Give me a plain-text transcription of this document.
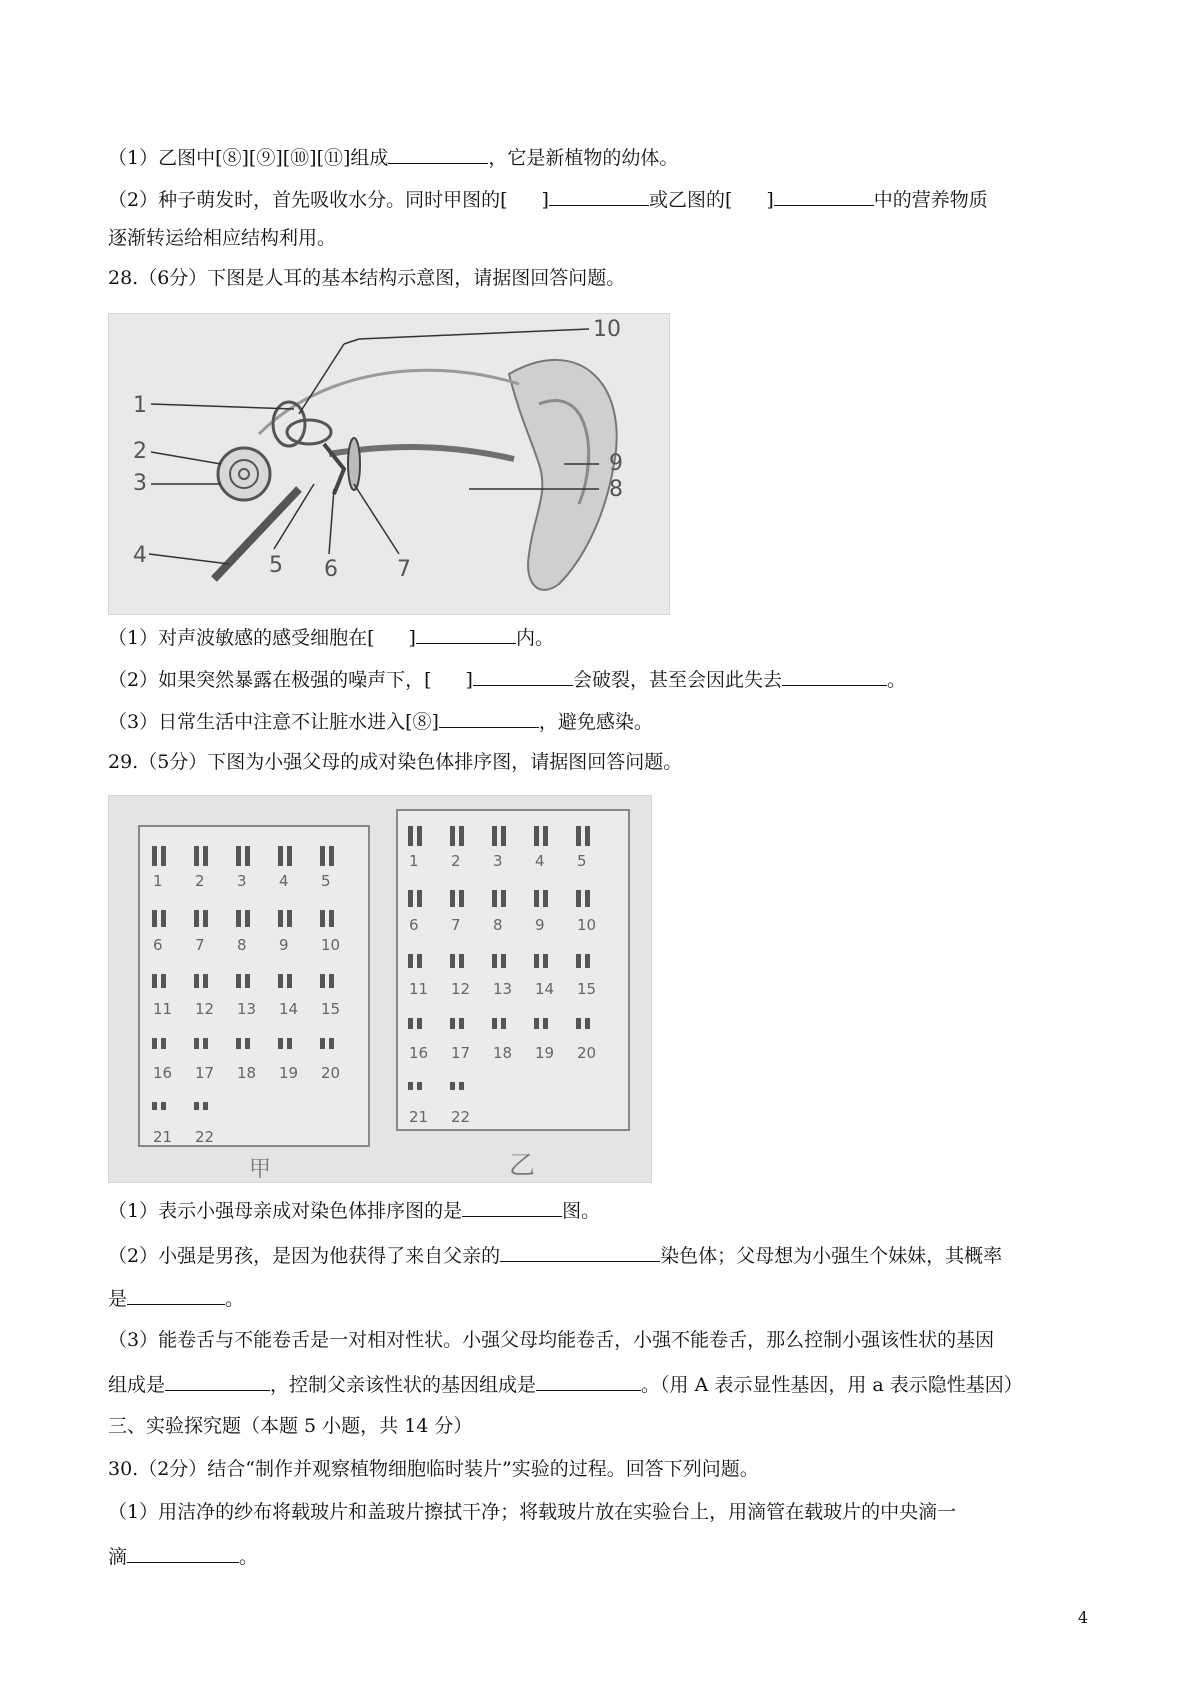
（1）乙图中[⑧][⑨][⑩][⑪]组成	，它是新植物的幼体。
（2）种子萌发时，首先吸收水分。同时甲图的[ ]	或乙图的[ ]	中的营养物质
逐渐转运给相应结构利用。
28.（6分）下图是人耳的基本结构示意图，请据图回答问题。
1
2
3
4	5 6	7
8
9
10
（1）对声波敏感的感受细胞在[ ]	内。
（2）如果突然暴露在极强的噪声下，[ ]	会破裂，甚至会因此失去	。
（3）日常生活中注意不让脏水进入[⑧]	，避免感染。
29.（5分）下图为小强父母的成对染色体排序图，请据图回答问题。
1 2 3 4 5
6 7 8 9 10
11 12 13 14 15
16 17 18 19 20
21 22
1 2 3 4 5
6 7 8 9 10
11 12 13 14 15
16 17 18 19 20
21 22
甲	乙
（1）表示小强母亲成对染色体排序图的是	图。
（2）小强是男孩，是因为他获得了来自父亲的	染色体；父母想为小强生个妹妹，其概率
是	。
（3）能卷舌与不能卷舌是一对相对性状。小强父母均能卷舌，小强不能卷舌，那么控制小强该性状的基因
组成是	，控制父亲该性状的基因组成是	。（用 A 表示显性基因，用 a 表示隐性基因）
三、实验探究题（本题 5 小题，共 14 分）
30.（2分）结合“制作并观察植物细胞临时装片”实验的过程。回答下列问题。
（1）用洁净的纱布将载玻片和盖玻片擦拭干净；将载玻片放在实验台上，用滴管在载玻片的中央滴一
滴	。
4
